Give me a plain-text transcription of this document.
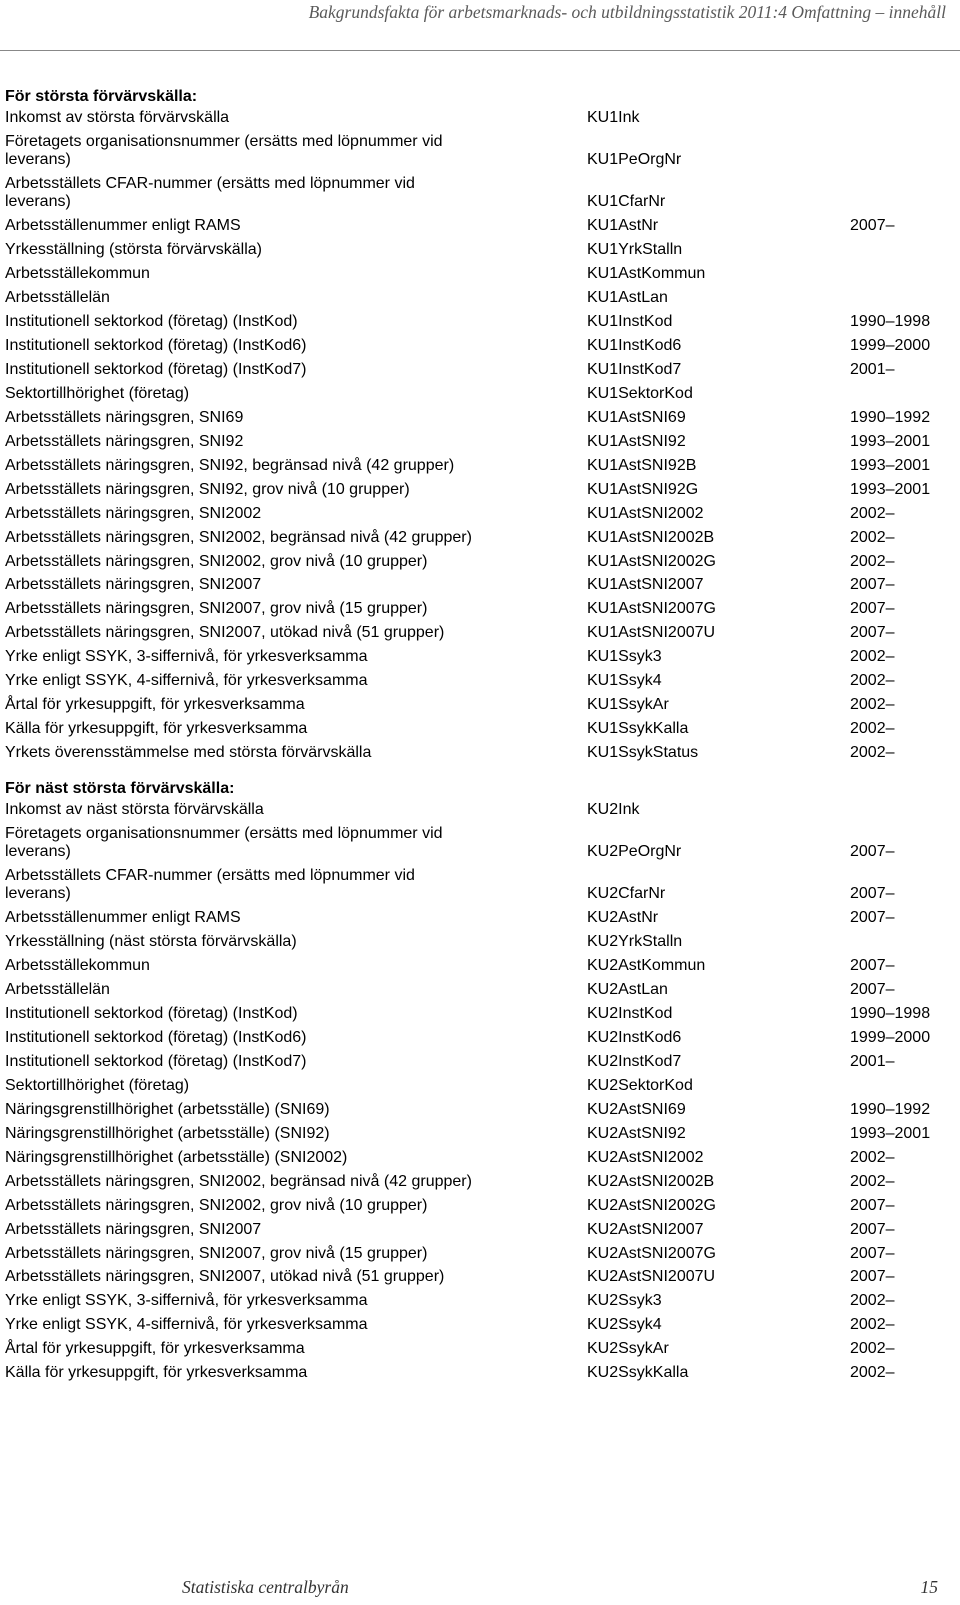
Bakgrundsfakta för arbetsmarknads- och utbildningsstatistik 2011:4 Omfattning – innehåll
För största förvärvskälla:
Inkomst av största förvärvskälla	KU1Ink
Företagets organisationsnummer (ersätts med löpnummer vid
leverans)	KU1PeOrgNr
Arbetsställets CFAR-nummer (ersätts med löpnummer vid
leverans)	KU1CfarNr
Arbetsställenummer enligt RAMS	KU1AstNr	2007–
Yrkesställning (största förvärvskälla)	KU1YrkStalln
Arbetsställekommun	KU1AstKommun
Arbetsställelän	KU1AstLan
Institutionell sektorkod (företag) (InstKod)	KU1InstKod	1990–1998
Institutionell sektorkod (företag) (InstKod6)	KU1InstKod6	1999–2000
Institutionell sektorkod (företag) (InstKod7)	KU1InstKod7	2001–
Sektortillhörighet (företag)	KU1SektorKod
Arbetsställets näringsgren, SNI69	KU1AstSNI69	1990–1992
Arbetsställets näringsgren, SNI92	KU1AstSNI92	1993–2001
Arbetsställets näringsgren, SNI92, begränsad nivå (42 grupper)	KU1AstSNI92B	1993–2001
Arbetsställets näringsgren, SNI92, grov nivå (10 grupper)	KU1AstSNI92G	1993–2001
Arbetsställets näringsgren, SNI2002	KU1AstSNI2002	2002–
Arbetsställets näringsgren, SNI2002, begränsad nivå (42 grupper)	KU1AstSNI2002B	2002–
Arbetsställets näringsgren, SNI2002, grov nivå (10 grupper)	KU1AstSNI2002G	2002–
Arbetsställets näringsgren, SNI2007	KU1AstSNI2007	2007–
Arbetsställets näringsgren, SNI2007, grov nivå (15 grupper)	KU1AstSNI2007G	2007–
Arbetsställets näringsgren, SNI2007, utökad nivå (51 grupper)	KU1AstSNI2007U	2007–
Yrke enligt SSYK, 3-siffernivå, för yrkesverksamma	KU1Ssyk3	2002–
Yrke enligt SSYK, 4-siffernivå, för yrkesverksamma	KU1Ssyk4	2002–
Årtal för yrkesuppgift, för yrkesverksamma	KU1SsykAr	2002–
Källa för yrkesuppgift, för yrkesverksamma	KU1SsykKalla	2002–
Yrkets överensstämmelse med största förvärvskälla	KU1SsykStatus	2002–
För näst största förvärvskälla:
Inkomst av näst största förvärvskälla	KU2Ink
Företagets organisationsnummer (ersätts med löpnummer vid
leverans)	KU2PeOrgNr	2007–
Arbetsställets CFAR-nummer (ersätts med löpnummer vid
leverans)	KU2CfarNr	2007–
Arbetsställenummer enligt RAMS	KU2AstNr	2007–
Yrkesställning (näst största förvärvskälla)	KU2YrkStalln
Arbetsställekommun	KU2AstKommun	2007–
Arbetsställelän	KU2AstLan	2007–
Institutionell sektorkod (företag) (InstKod)	KU2InstKod	1990–1998
Institutionell sektorkod (företag) (InstKod6)	KU2InstKod6	1999–2000
Institutionell sektorkod (företag) (InstKod7)	KU2InstKod7	2001–
Sektortillhörighet (företag)	KU2SektorKod
Näringsgrenstillhörighet (arbetsställe) (SNI69)	KU2AstSNI69	1990–1992
Näringsgrenstillhörighet (arbetsställe) (SNI92)	KU2AstSNI92	1993–2001
Näringsgrenstillhörighet (arbetsställe) (SNI2002)	KU2AstSNI2002	2002–
Arbetsställets näringsgren, SNI2002, begränsad nivå (42 grupper)	KU2AstSNI2002B	2002–
Arbetsställets näringsgren, SNI2002, grov nivå (10 grupper)	KU2AstSNI2002G	2007–
Arbetsställets näringsgren, SNI2007	KU2AstSNI2007	2007–
Arbetsställets näringsgren, SNI2007, grov nivå (15 grupper)	KU2AstSNI2007G	2007–
Arbetsställets näringsgren, SNI2007, utökad nivå (51 grupper)	KU2AstSNI2007U	2007–
Yrke enligt SSYK, 3-siffernivå, för yrkesverksamma	KU2Ssyk3	2002–
Yrke enligt SSYK, 4-siffernivå, för yrkesverksamma	KU2Ssyk4	2002–
Årtal för yrkesuppgift, för yrkesverksamma	KU2SsykAr	2002–
Källa för yrkesuppgift, för yrkesverksamma	KU2SsykKalla	2002–
Statistiska centralbyrån	15
